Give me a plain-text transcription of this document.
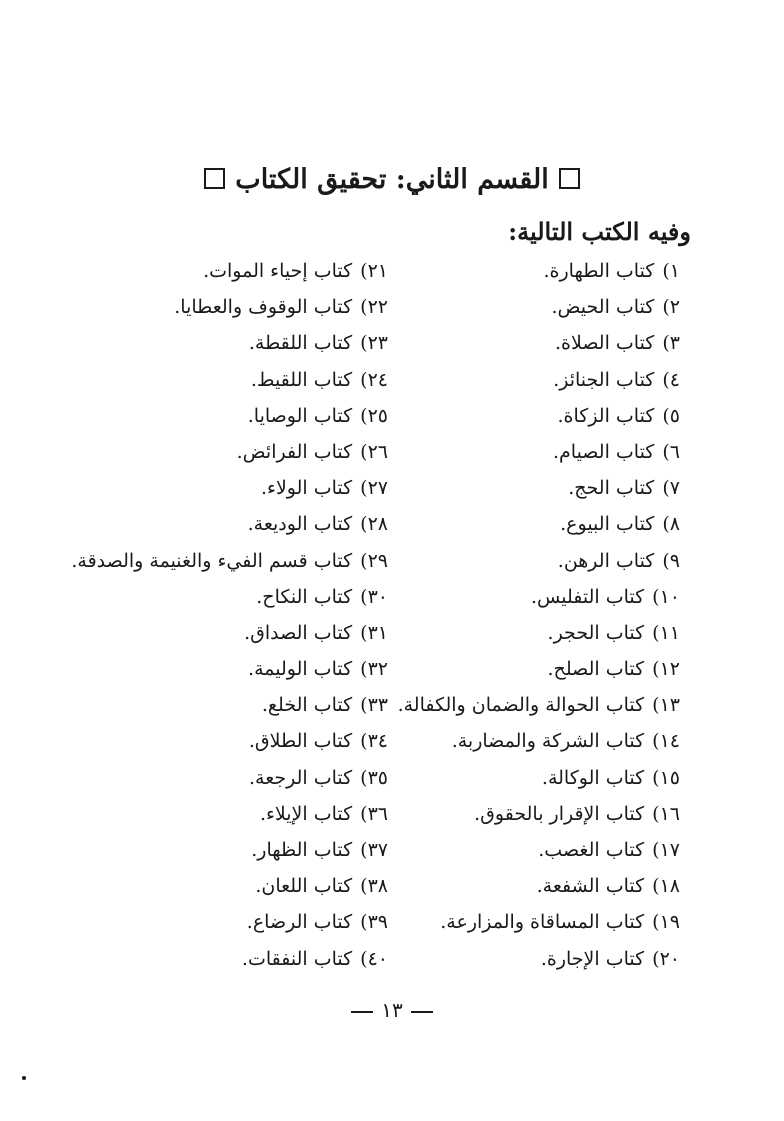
القسم الثاني: تحقيق الكتاب
وفيه الكتب التالية:
١)
كتاب الطهارة.
٢)
كتاب الحيض.
٣)
كتاب الصلاة.
٤)
كتاب الجنائز.
٥)
كتاب الزكاة.
٦)
كتاب الصيام.
٧)
كتاب الحج.
٨)
كتاب البيوع.
٩)
كتاب الرهن.
١٠)
كتاب التفليس.
١١)
كتاب الحجر.
١٢)
كتاب الصلح.
١٣)
كتاب الحوالة والضمان والكفالة.
١٤)
كتاب الشركة والمضاربة.
١٥)
كتاب الوكالة.
١٦)
كتاب الإقرار بالحقوق.
١٧)
كتاب الغصب.
١٨)
كتاب الشفعة.
١٩)
كتاب المساقاة والمزارعة.
٢٠)
كتاب الإجارة.
٢١)
كتاب إحياء الموات.
٢٢)
كتاب الوقوف والعطايا.
٢٣)
كتاب اللقطة.
٢٤)
كتاب اللقيط.
٢٥)
كتاب الوصايا.
٢٦)
كتاب الفرائض.
٢٧)
كتاب الولاء.
٢٨)
كتاب الوديعة.
٢٩)
كتاب قسم الفيء والغنيمة والصدقة.
٣٠)
كتاب النكاح.
٣١)
كتاب الصداق.
٣٢)
كتاب الوليمة.
٣٣)
كتاب الخلع.
٣٤)
كتاب الطلاق.
٣٥)
كتاب الرجعة.
٣٦)
كتاب الإيلاء.
٣٧)
كتاب الظهار.
٣٨)
كتاب اللعان.
٣٩)
كتاب الرضاع.
٤٠)
كتاب النفقات.
١٣
